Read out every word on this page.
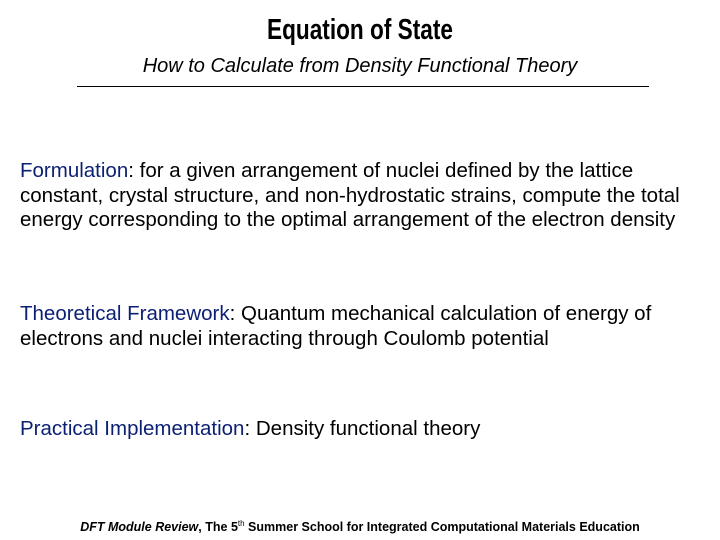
Equation of State
How to Calculate from Density Functional Theory
Formulation: for a given arrangement of nuclei defined by the lattice constant, crystal structure, and non-hydrostatic strains, compute the total energy corresponding to the optimal arrangement of the electron density
Theoretical Framework: Quantum mechanical calculation of energy of electrons and nuclei interacting through Coulomb potential
Practical Implementation: Density functional theory
DFT Module Review, The 5th Summer School for Integrated Computational Materials Education
